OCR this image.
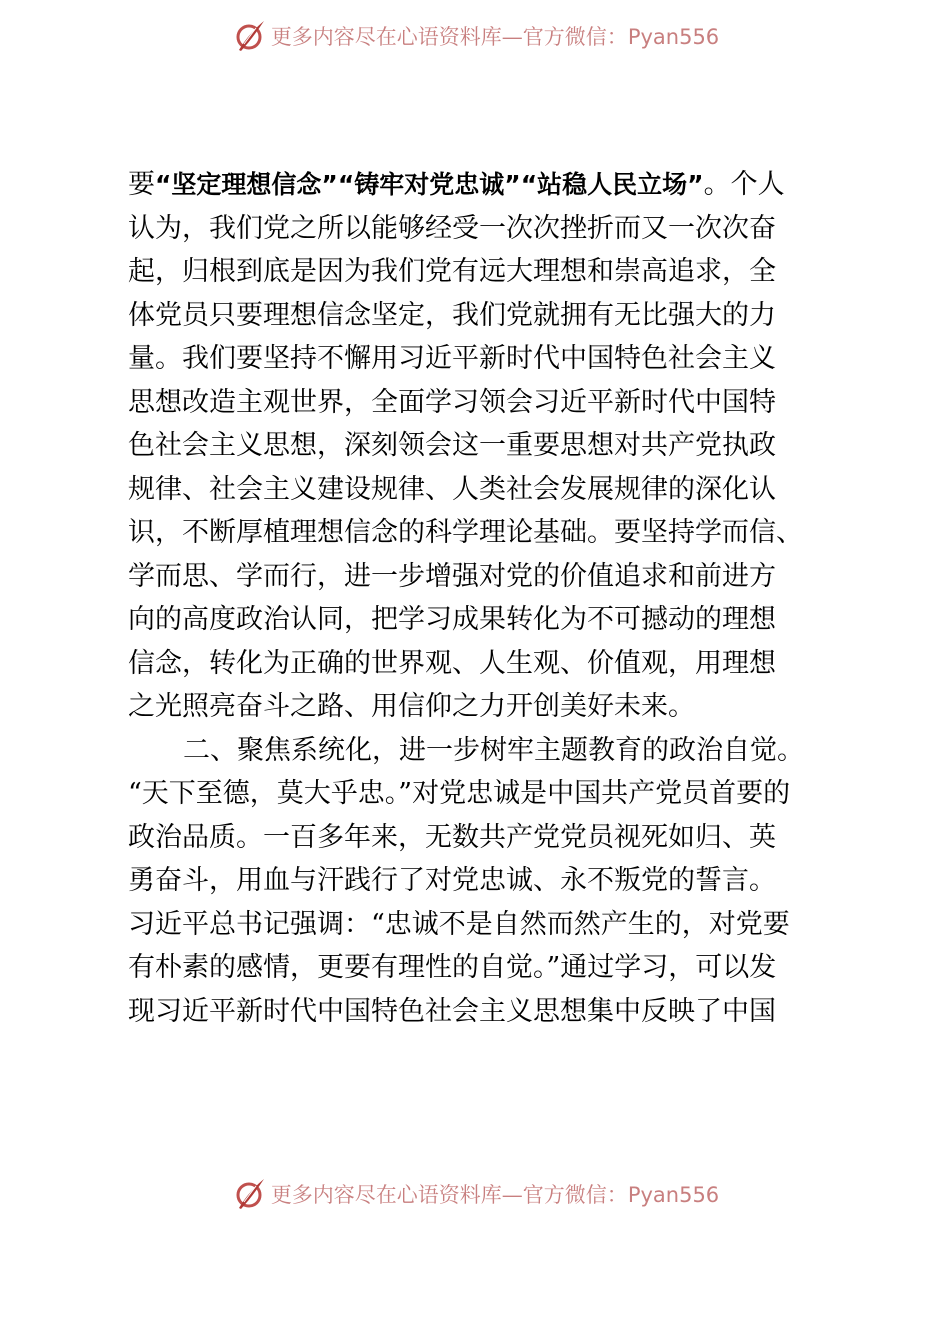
更多内容尽在心语资料库—官方微信：Pyan556
要“坚定理想信念”“铸牢对党忠诚”“站稳人民立场”。个人
认为，我们党之所以能够经受一次次挫折而又一次次奋
起，归根到底是因为我们党有远大理想和崇高追求，全
体党员只要理想信念坚定，我们党就拥有无比强大的力
量。我们要坚持不懈用习近平新时代中国特色社会主义
思想改造主观世界，全面学习领会习近平新时代中国特
色社会主义思想，深刻领会这一重要思想对共产党执政
规律、社会主义建设规律、人类社会发展规律的深化认
识，不断厚植理想信念的科学理论基础。要坚持学而信、
学而思、学而行，进一步增强对党的价值追求和前进方
向的高度政治认同，把学习成果转化为不可撼动的理想
信念，转化为正确的世界观、人生观、价值观，用理想
之光照亮奋斗之路、用信仰之力开创美好未来。
二、聚焦系统化，进一步树牢主题教育的政治自觉。
“天下至德，莫大乎忠。”对党忠诚是中国共产党员首要的
政治品质。一百多年来，无数共产党党员视死如归、英
勇奋斗，用血与汗践行了对党忠诚、永不叛党的誓言。
习近平总书记强调：“忠诚不是自然而然产生的，对党要
有朴素的感情，更要有理性的自觉。”通过学习，可以发
现习近平新时代中国特色社会主义思想集中反映了中国
更多内容尽在心语资料库—官方微信：Pyan556
